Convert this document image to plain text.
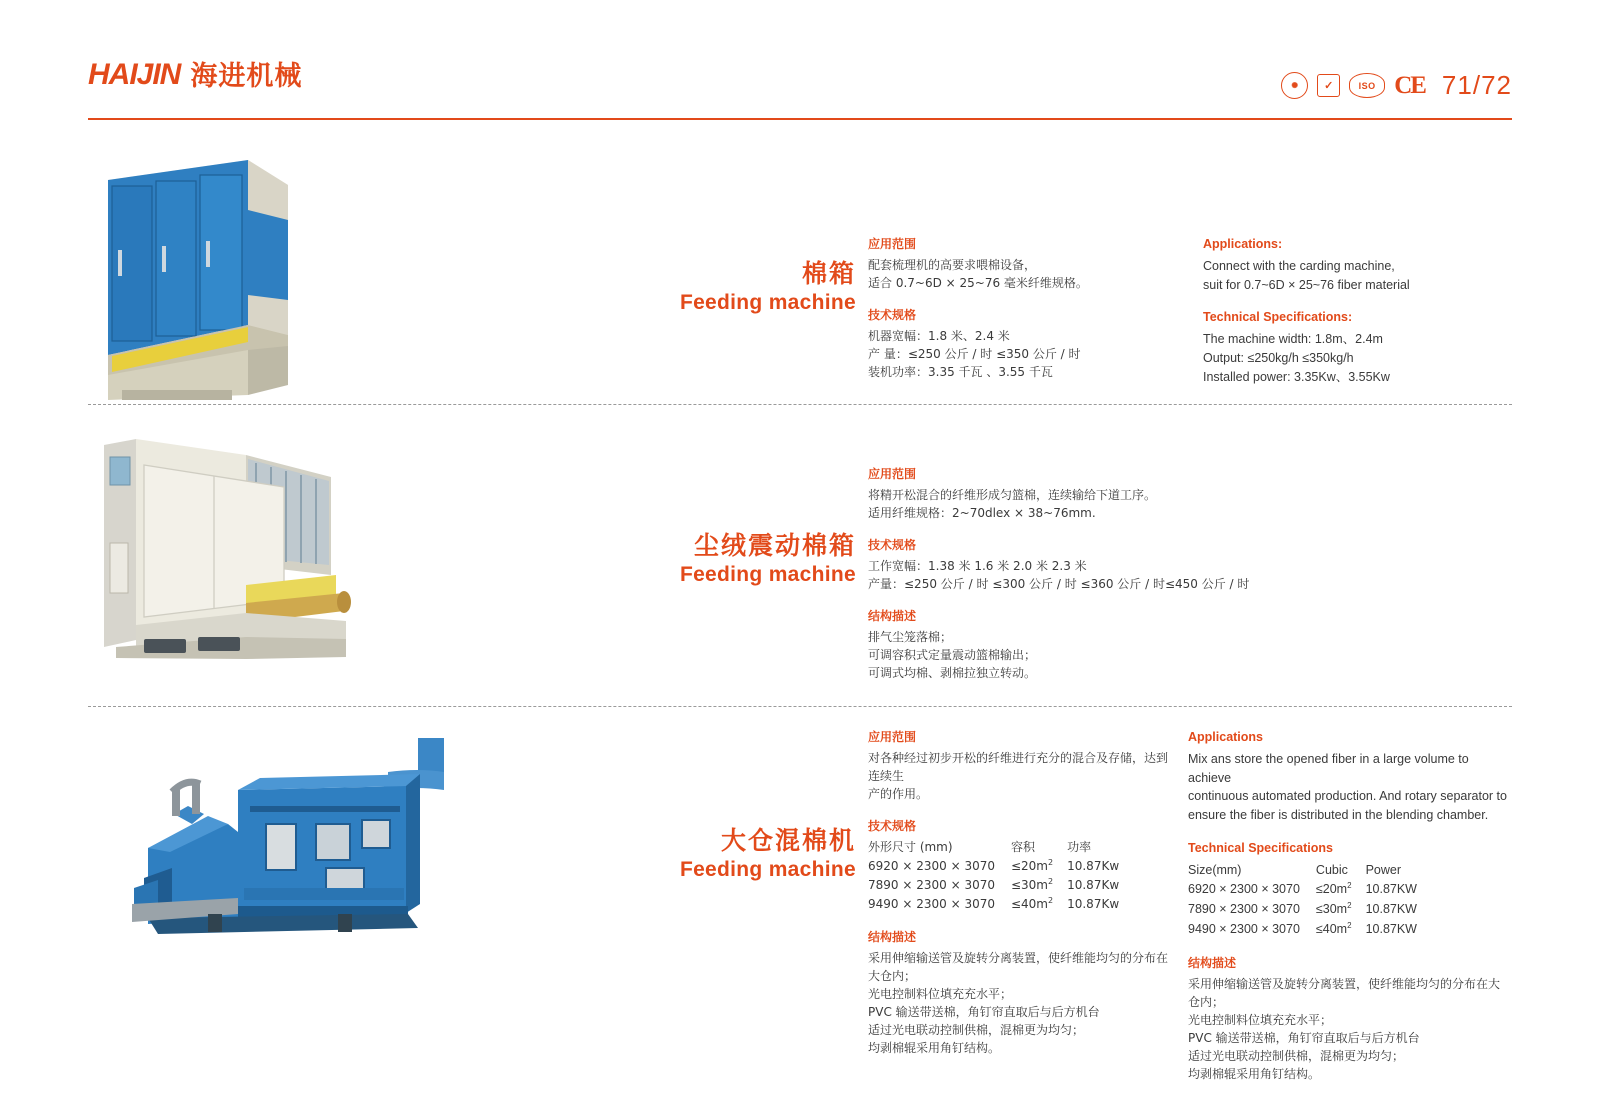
HAIJIN 海进机械	✺	✓	ISO CE 71/72
棉箱
Feeding machine
应用范围

配套梳理机的高要求喂棉设备，

适合 0.7~6D × 25~76 毫米纤维规格。

技术规格

机器宽幅：1.8 米、2.4 米

产 量：≤250 公斤 / 时 ≤350 公斤 / 时

装机功率：3.35 千瓦 、3.55 千瓦

Applications:

Connect with the carding machine,

suit for 0.7~6D × 25~76 fiber material

Technical Specifications:

The machine width: 1.8m、2.4m

Output: ≤250kg/h ≤350kg/h

Installed power: 3.35Kw、3.55Kw

尘绒震动棉箱
Feeding machine
应用范围

将精开松混合的纤维形成匀篮棉，连续输给下道工序。

适用纤维规格：2~70dlex × 38~76mm.

技术规格

工作宽幅：1.38 米 1.6 米 2.0 米 2.3 米

产量：≤250 公斤 / 时 ≤300 公斤 / 时 ≤360 公斤 / 时≤450 公斤 / 时

结构描述

排气尘笼落棉；

可调容积式定量震动篮棉输出；

可调式均棉、剥棉拉独立转动。

大仓混棉机
Feeding machine
应用范围

对各种经过初步开松的纤维进行充分的混合及存储，达到连续生

产的作用。

技术规格
外形尺寸 (mm)	容积	功率
6920 × 2300 × 3070	$\le 20m^2$	10.87Kw
7890 × 2300 × 3070	$\le 30m^2$	10.87Kw
9490 × 2300 × 3070	$\le 40m^2$	10.87Kw
结构描述

采用伸缩输送管及旋转分离装置，使纤维能均匀的分布在大仓内；

光电控制料位填充充水平；

PVC 输送带送棉，角钉帘直取后与后方机台

适过光电联动控制供棉，混棉更为均匀；

均剥棉辊采用角钉结构。

Applications

Mix ans store the opened fiber in a large volume to achieve

continuous automated production. And rotary separator to

ensure the fiber is distributed in the blending chamber.

Technical Specifications
Size(mm)	Cubic	Power
6920 × 2300 × 3070	$\le 20m^2$	10.87KW
7890 × 2300 × 3070	$\le 30m^2$	10.87KW
9490 × 2300 × 3070	$\le 40m^2$	10.87KW
结构描述

采用伸缩输送管及旋转分离装置，使纤维能均匀的分布在大仓内；

光电控制料位填充充水平；

PVC 输送带送棉，角钉帘直取后与后方机台

适过光电联动控制供棉，混棉更为均匀；

均剥棉辊采用角钉结构。
